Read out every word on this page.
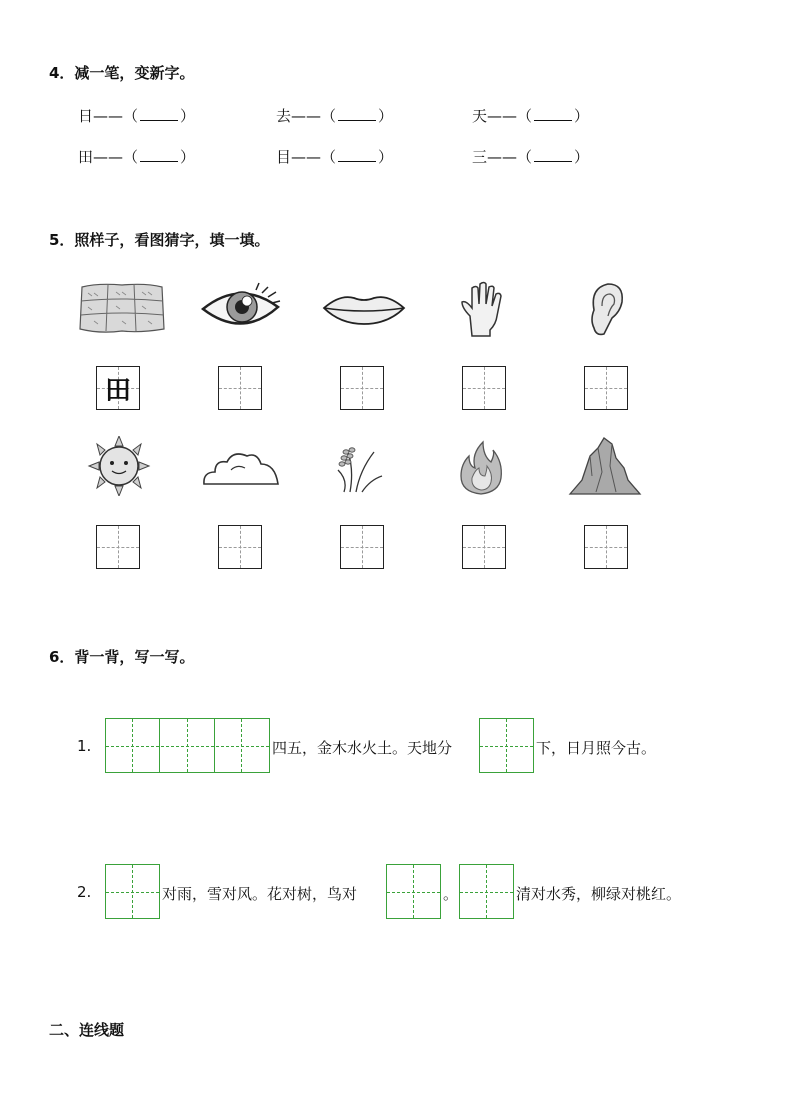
4．减一笔，变新字。
日——（	）	去——（	）	天——（	）
田——（	）	目——（	）	三——（	）
5．照样子，看图猜字，填一填。
田
6．背一背，写一写。
1.	四五，金木水火土。天地分	下，日月照今古。
2.	对雨，雪对风。花对树，鸟对	。	清对水秀，柳绿对桃红。
二、连线题
